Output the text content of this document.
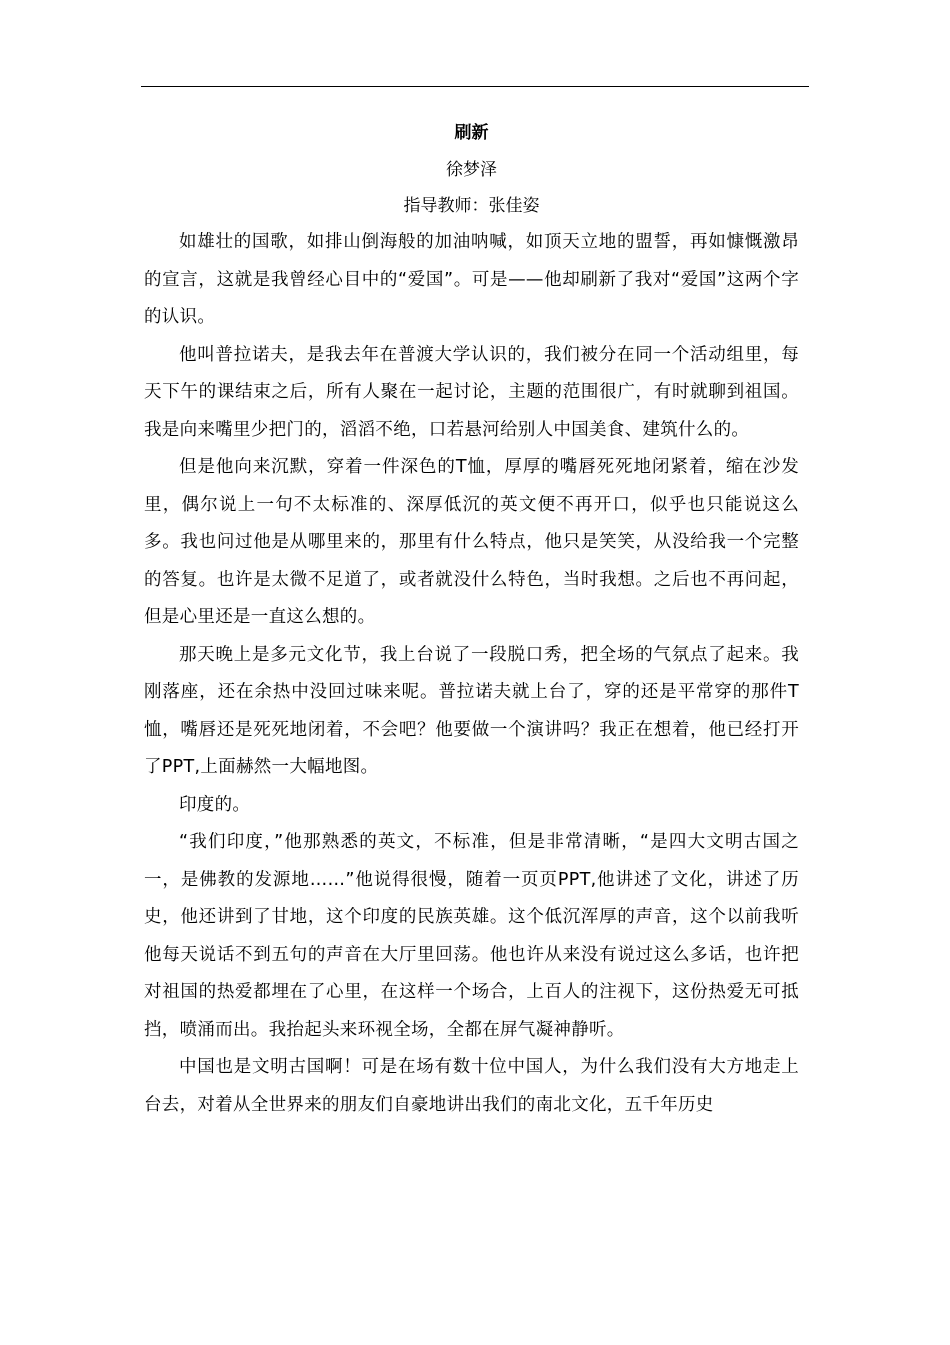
刷新
徐梦泽
指导教师：张佳姿

如雄壮的国歌，如排山倒海般的加油呐喊，如顶天立地的盟誓，再如慷慨激昂的宣言，这就是我曾经心目中的“爱国”。可是——他却刷新了我对“爱国”这两个字的认识。

他叫普拉诺夫，是我去年在普渡大学认识的，我们被分在同一个活动组里，每天下午的课结束之后，所有人聚在一起讨论，主题的范围很广，有时就聊到祖国。我是向来嘴里少把门的，滔滔不绝，口若悬河给别人中国美食、建筑什么的。

但是他向来沉默，穿着一件深色的T恤，厚厚的嘴唇死死地闭紧着，缩在沙发里，偶尔说上一句不太标准的、深厚低沉的英文便不再开口，似乎也只能说这么多。我也问过他是从哪里来的，那里有什么特点，他只是笑笑，从没给我一个完整的答复。也许是太微不足道了，或者就没什么特色，当时我想。之后也不再问起，但是心里还是一直这么想的。

那天晚上是多元文化节，我上台说了一段脱口秀，把全场的气氛点了起来。我刚落座，还在余热中没回过味来呢。普拉诺夫就上台了，穿的还是平常穿的那件T恤，嘴唇还是死死地闭着，不会吧？他要做一个演讲吗？我正在想着，他已经打开了PPT,上面赫然一大幅地图。

印度的。

“我们印度，”他那熟悉的英文，不标准，但是非常清晰，“是四大文明古国之一，是佛教的发源地……”他说得很慢，随着一页页PPT,他讲述了文化，讲述了历史，他还讲到了甘地，这个印度的民族英雄。这个低沉浑厚的声音，这个以前我听他每天说话不到五句的声音在大厅里回荡。他也许从来没有说过这么多话，也许把对祖国的热爱都埋在了心里，在这样一个场合，上百人的注视下，这份热爱无可抵挡，喷涌而出。我抬起头来环视全场，全都在屏气凝神静听。

中国也是文明古国啊！可是在场有数十位中国人，为什么我们没有大方地走上台去，对着从全世界来的朋友们自豪地讲出我们的南北文化，五千年历史
